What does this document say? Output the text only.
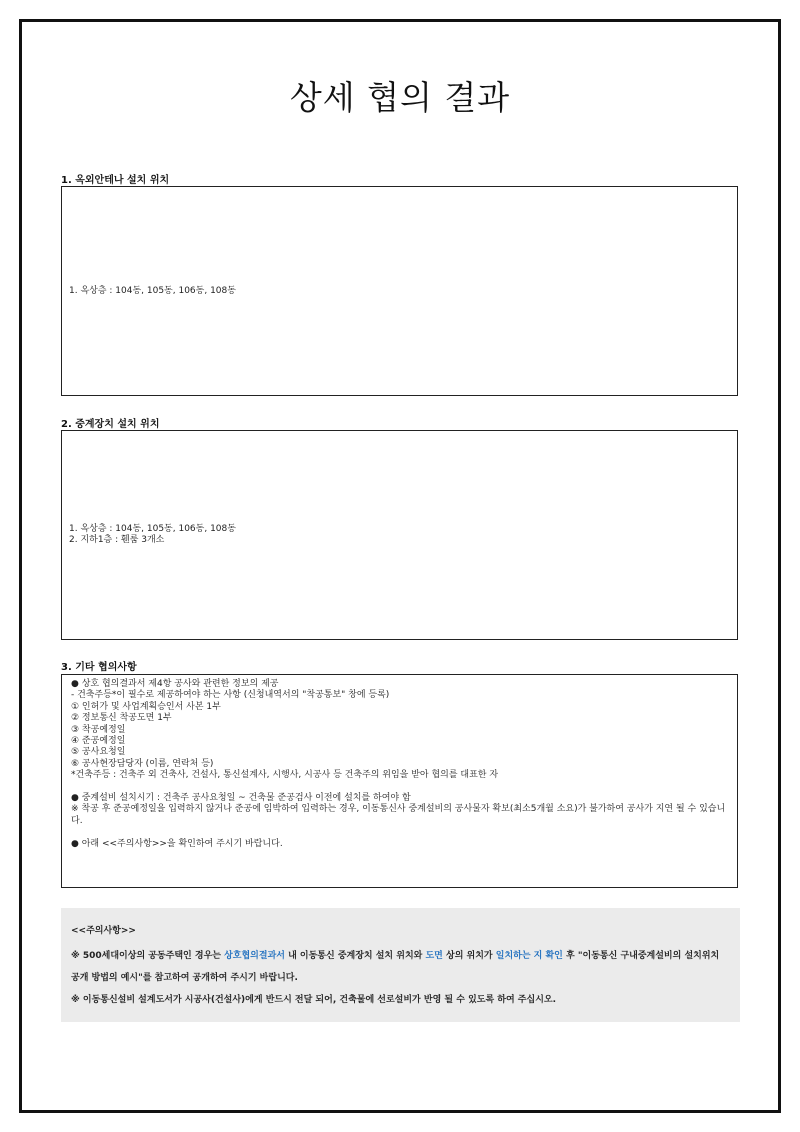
상세 협의 결과
1. 옥외안테나 설치 위치
1. 옥상층 : 104동, 105동, 106동, 108동
2. 중계장치 설치 위치
1. 옥상층 : 104동, 105동, 106동, 108동
2. 지하1층 : 휀룸 3개소
3. 기타 협의사항
● 상호 협의결과서 제4항 공사와 관련한 정보의 제공
- 건축주등*이 필수로 제공하여야 하는 사항 (신청내역서의 "착공통보" 창에 등록)
① 인허가 및 사업계획승인서 사본 1부
② 정보통신 착공도면 1부
③ 착공예정일
④ 준공예정일
⑤ 공사요청일
⑥ 공사현장담당자 (이름, 연락처 등)
*건축주등 : 건축주 외 건축사, 건설사, 통신설계사, 시행사, 시공사 등 건축주의 위임을 받아 협의를 대표한 자
● 중계설비 설치시기 : 건축주 공사요청일 ~ 건축물 준공검사 이전에 설치를 하여야 함
※ 착공 후 준공예정일을 입력하지 않거나 준공에 임박하여 입력하는 경우, 이동통신사 중계설비의 공사물자 확보(최소5개월 소요)가 불가하여 공사가 지연 될 수 있습니다.
● 아래 <<주의사항>>을 확인하여 주시기 바랍니다.
<<주의사항>>
※ 500세대이상의 공동주택인 경우는 상호협의결과서 내 이동통신 중계장치 설치 위치와 도면 상의 위치가 일치하는 지 확인 후 "이동통신 구내중계설비의 설치위치 공개 방법의 예시"를 참고하여 공개하여 주시기 바랍니다.
※ 이동통신설비 설계도서가 시공사(건설사)에게 반드시 전달 되어, 건축물에 선로설비가 반영 될 수 있도록 하여 주십시오.
